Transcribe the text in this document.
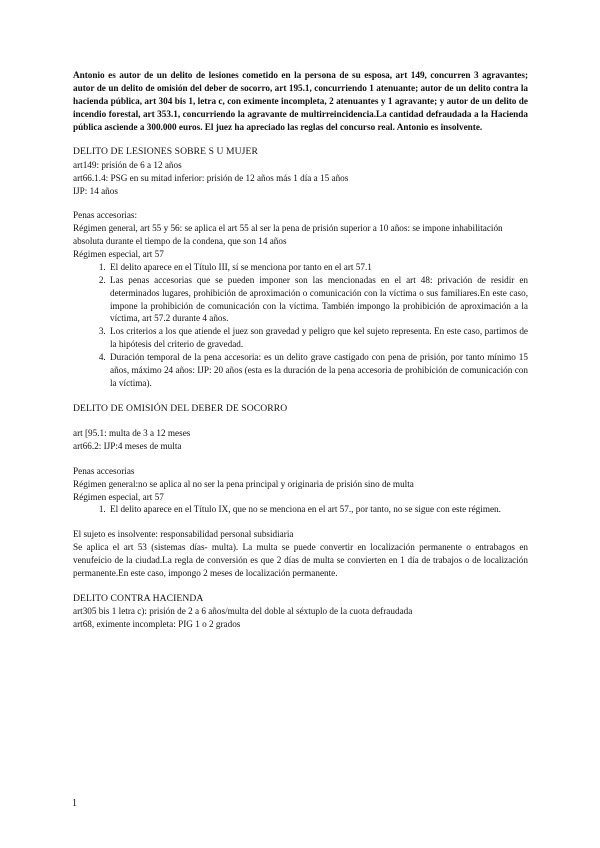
Antonio es autor de un delito de lesiones cometido en la persona de su esposa, art 149, concurren 3 agravantes; autor de un delito de omisión del deber de socorro, art 195.1, concurriendo 1 atenuante; autor de un delito contra la hacienda pública, art 304 bis 1, letra c, con eximente incompleta, 2 atenuantes y 1 agravante; y autor de un delito de incendio forestal, art 353.1, concurriendo la agravante de multirreincidencia.La cantidad defraudada a la Hacienda pública asciende a 300.000 euros. El juez ha apreciado las reglas del concurso real. Antonio es insolvente.

DELITO DE LESIONES SOBRE S U MUJER

art149: prisión de 6 a 12 años

art66.1.4: PSG en su mitad inferior: prisión de 12 años más 1 día a 15 años

IJP: 14 años

Penas accesorias:

Régimen general, art 55 y 56: se aplica el art 55 al ser la pena de prisión superior a 10 años: se impone inhabilitación absoluta durante el tiempo de la condena, que son 14 años

Régimen especial, art 57

1. El delito aparece en el Título III, sí se menciona por tanto en el art 57.1
2. Las penas accesorias que se pueden imponer son las mencionadas en el art 48: privación de residir en determinados lugares, prohibición de aproximación o comunicación con la víctima o sus familiares.En este caso, impone la prohibición de comunicación con la víctima. También impongo la prohibición de aproximación a la víctima, art 57.2 durante 4 años.
3. Los criterios a los que atiende el juez son gravedad y peligro que kel sujeto representa. En este caso, partimos de la hipótesis del criterio de gravedad.
4. Duración temporal de la pena accesoria: es un delito grave castigado con pena de prisión, por tanto mínimo 15 años, máximo 24 años: IJP: 20 años (esta es la duración de la pena accesoria de prohibición de comunicación con la víctima).

DELITO DE OMISIÓN DEL DEBER DE SOCORRO

art [95.1: multa de 3 a 12 meses

art66.2: IJP:4 meses de multa

Penas accesorias

Régimen general:no se aplica al no ser la pena principal y originaria de prisión sino de multa

Régimen especial, art 57

1. El delito aparece en el Título IX, que no se menciona en el art 57., por tanto, no se sigue con este régimen.

El sujeto es insolvente: responsabilidad personal subsidiaria

Se aplica el art 53 (sistemas días- multa). La multa se puede convertir en localización permanente o entrabagos en venufeicio de la ciudad.La regla de conversión es que 2 días de multa se convierten en 1 día de trabajos o de localización permanente.En este caso, impongo 2 meses de localización permanente.

DELITO CONTRA HACIENDA

art305 bis 1 letra c): prisión de 2 a 6 años/multa del doble al séxtuplo de la cuota defraudada

art68, eximente incompleta: PIG 1 o 2 grados

1
